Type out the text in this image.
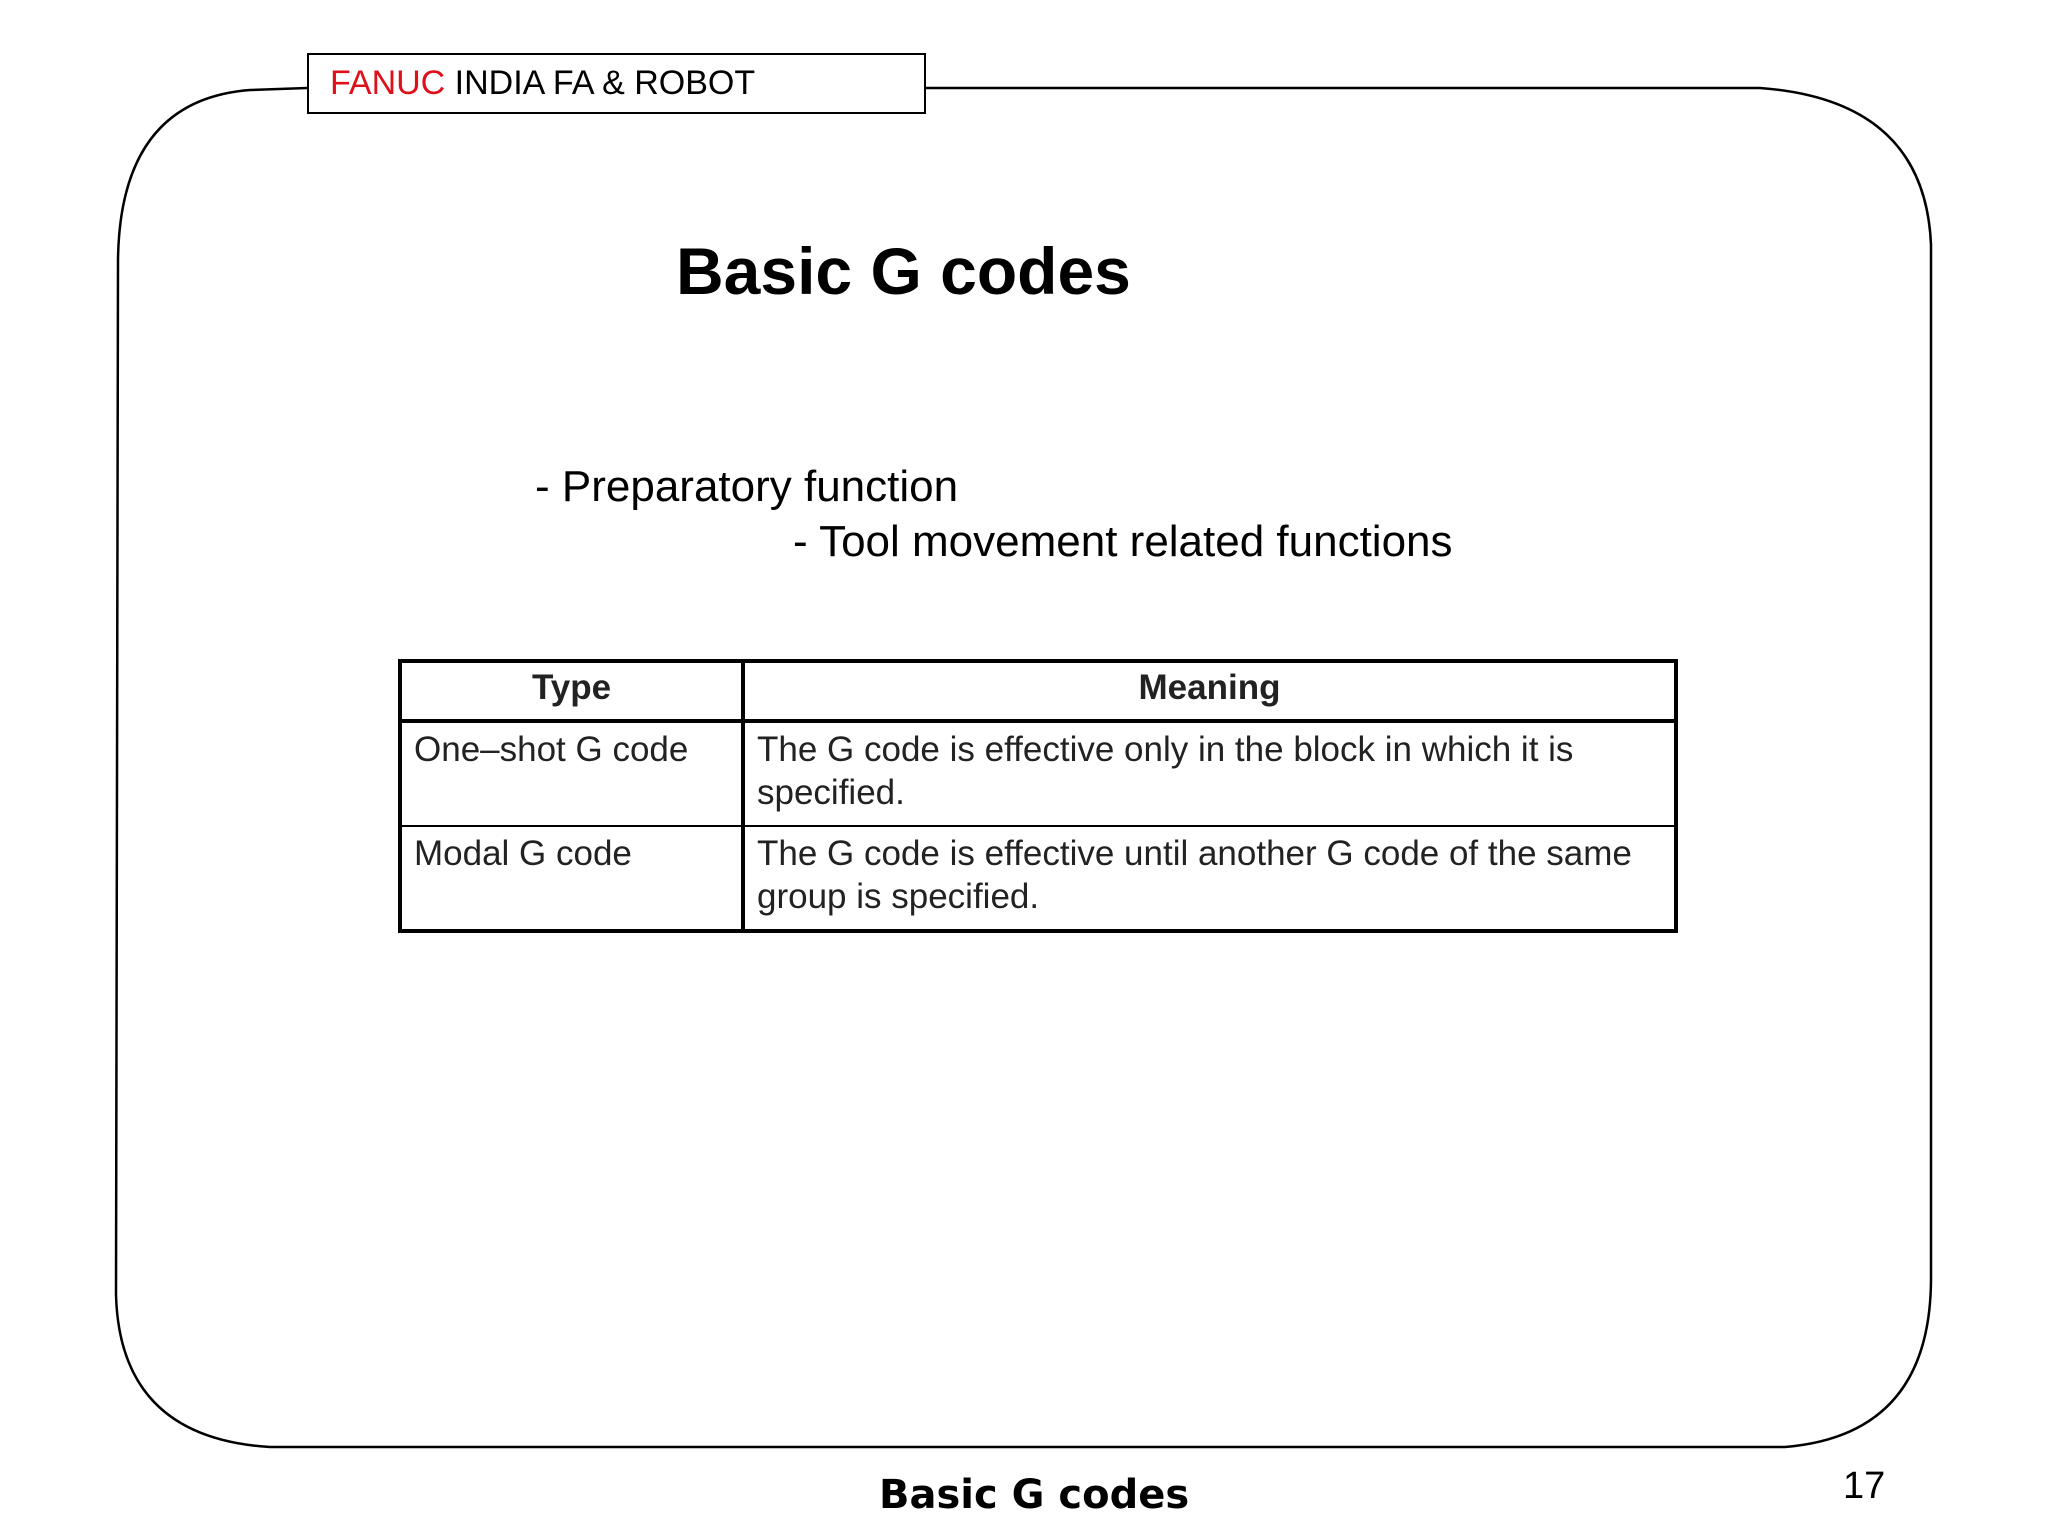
FANUC INDIA FA & ROBOT
Basic G codes
- Preparatory function
- Tool movement related functions
Type	Meaning
One–shot G code	The G code is effective only in the block in which it is specified.
Modal G code	The G code is effective until another G code of the same group is specified.
Basic G codes	17
